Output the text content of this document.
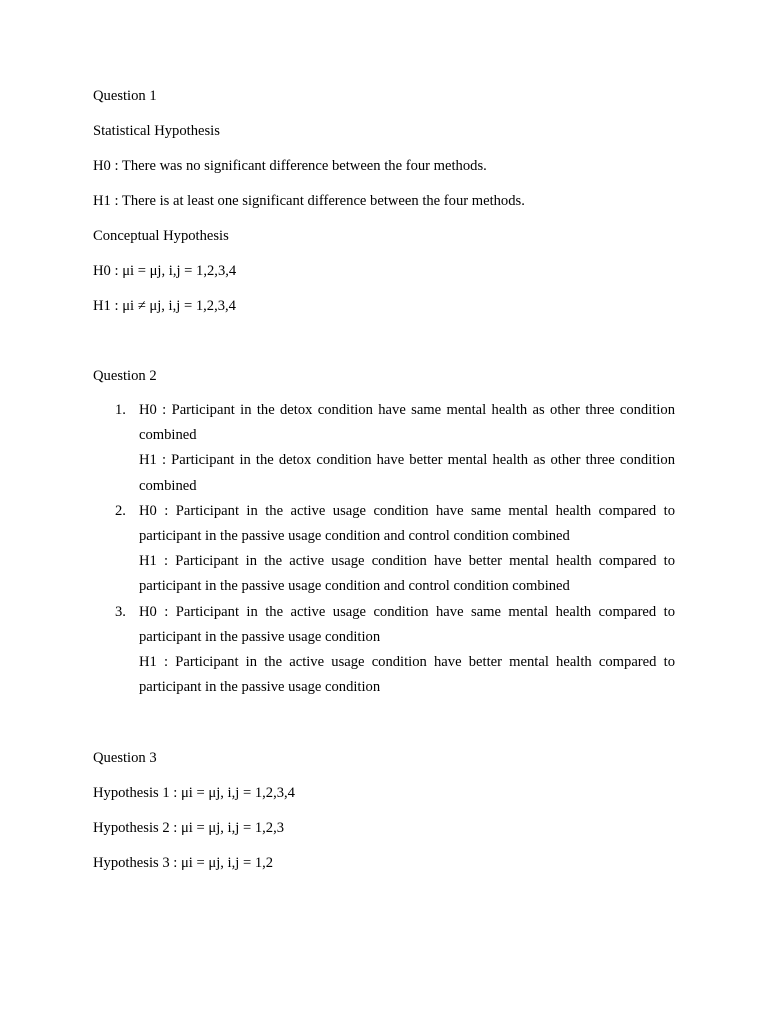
Question 1

Statistical Hypothesis

H0 : There was no significant difference between the four methods.

H1 : There is at least one significant difference between the four methods.

Conceptual Hypothesis

H0 : μi = μj, i,j = 1,2,3,4

H1 : μi ≠ μj, i,j = 1,2,3,4

Question 2

1. H0 : Participant in the detox condition have same mental health as other three condition combined

H1 : Participant in the detox condition have better mental health as other three condition combined

2. H0 : Participant in the active usage condition have same mental health compared to participant in the passive usage condition and control condition combined

H1 : Participant in the active usage condition have better mental health compared to participant in the passive usage condition and control condition combined

3. H0 : Participant in the active usage condition have same mental health compared to participant in the passive usage condition

H1 : Participant in the active usage condition have better mental health compared to participant in the passive usage condition

Question 3

Hypothesis 1 : μi = μj, i,j = 1,2,3,4

Hypothesis 2 : μi = μj, i,j = 1,2,3

Hypothesis 3 : μi = μj, i,j = 1,2
